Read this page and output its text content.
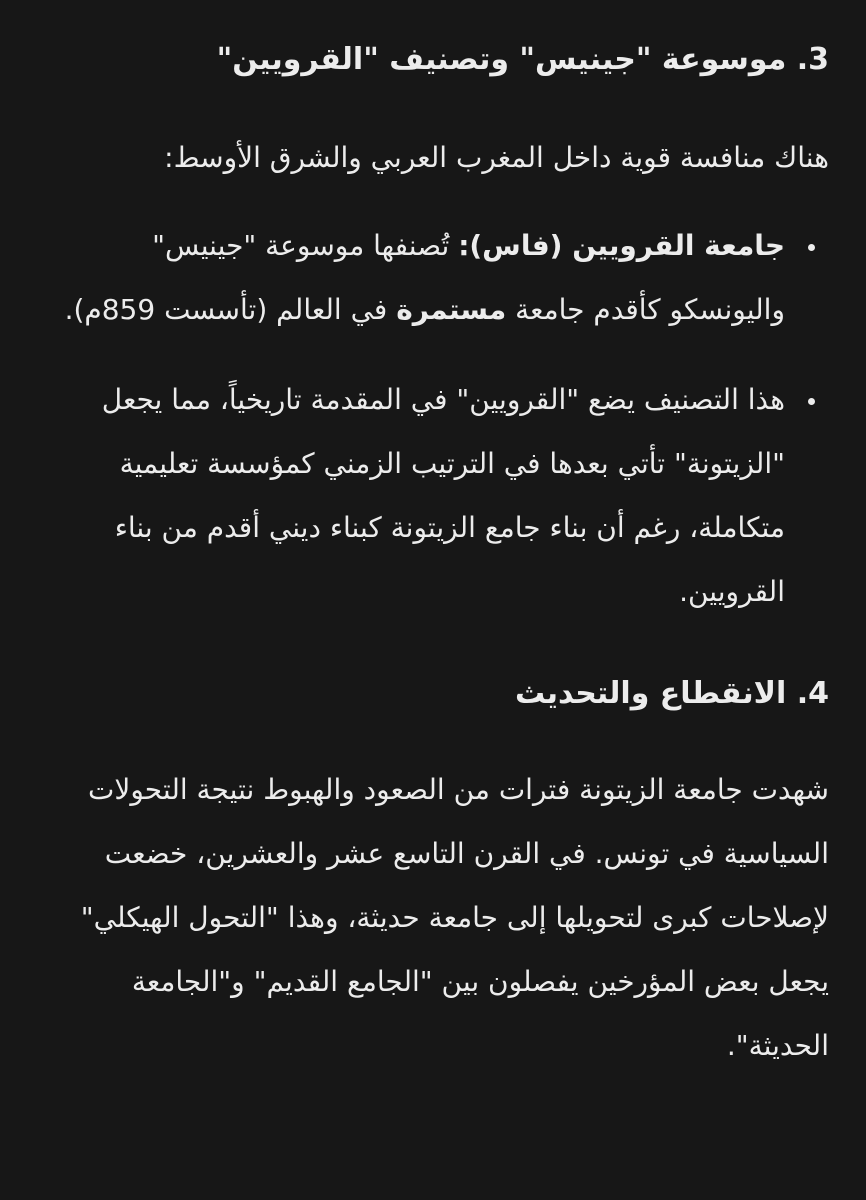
3. موسوعة "جينيس" وتصنيف "القرويين"

هناك منافسة قوية داخل المغرب العربي والشرق الأوسط:

جامعة القرويين (فاس): تُصنفها موسوعة "جينيس" واليونسكو كأقدم جامعة مستمرة في العالم (تأسست 859م).
هذا التصنيف يضع "القرويين" في المقدمة تاريخياً، مما يجعل "الزيتونة" تأتي بعدها في الترتيب الزمني كمؤسسة تعليمية متكاملة، رغم أن بناء جامع الزيتونة كبناء ديني أقدم من بناء القرويين.
4. الانقطاع والتحديث

شهدت جامعة الزيتونة فترات من الصعود والهبوط نتيجة التحولات السياسية في تونس. في القرن التاسع عشر والعشرين، خضعت لإصلاحات كبرى لتحويلها إلى جامعة حديثة، وهذا "التحول الهيكلي" يجعل بعض المؤرخين يفصلون بين "الجامع القديم" و"الجامعة الحديثة".
